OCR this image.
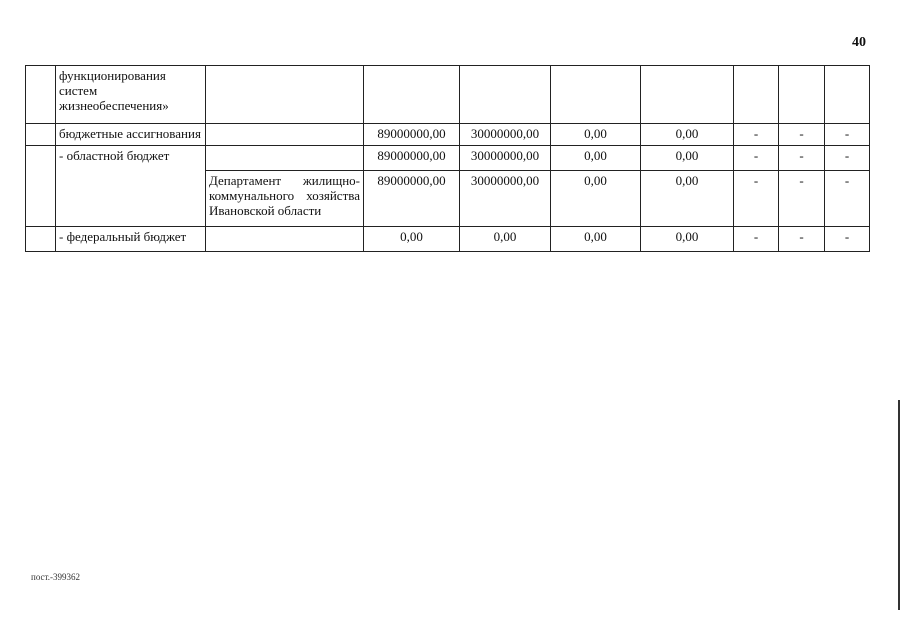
40
	функционирования систем жизнеобеспечения»								
	бюджетные ассигнования		89000000,00	30000000,00	0,00	0,00	-	-	-
	- областной бюджет		89000000,00	30000000,00	0,00	0,00	-	-	-
		Департамент жилищно-коммунального хозяйства Ивановской области	89000000,00	30000000,00	0,00	0,00	-	-	-
	- федеральный бюджет		0,00	0,00	0,00	0,00	-	-	-
пост.-399362
